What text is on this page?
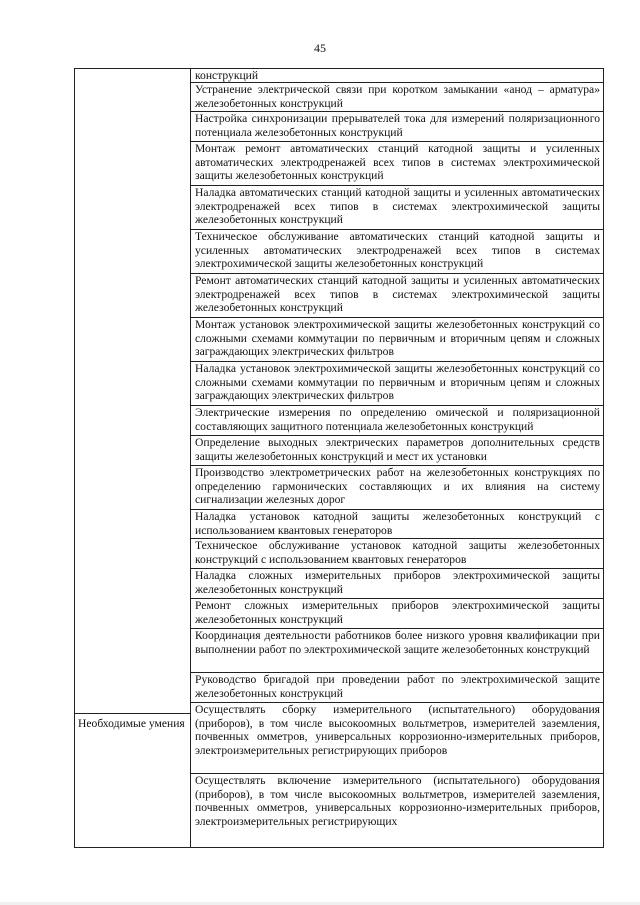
45
Необходимые умения
конструкций
Устранение электрической связи при коротком замыкании «анод – арматура» железобетонных конструкций
Настройка синхронизации прерывателей тока для измерений поляризационного потенциала железобетонных конструкций
Монтаж ремонт автоматических станций катодной защиты и усиленных автоматических электродренажей всех типов в системах электрохимической защиты железобетонных конструкций
Наладка автоматических станций катодной защиты и усиленных автоматических электродренажей всех типов в системах электрохимической защиты железобетонных конструкций
Техническое обслуживание автоматических станций катодной защиты и усиленных автоматических электродренажей всех типов в системах электрохимической защиты железобетонных конструкций
Ремонт автоматических станций катодной защиты и усиленных автоматических электродренажей всех типов в системах электрохимической защиты железобетонных конструкций
Монтаж установок электрохимической защиты железобетонных конструкций со сложными схемами коммутации по первичным и вторичным цепям и сложных заграждающих электрических фильтров
Наладка установок электрохимической защиты железобетонных конструкций со сложными схемами коммутации по первичным и вторичным цепям и сложных заграждающих электрических фильтров
Электрические измерения по определению омической и поляризационной составляющих защитного потенциала железобетонных конструкций
Определение выходных электрических параметров дополнительных средств защиты железобетонных конструкций и мест их установки
Производство электрометрических работ на железобетонных конструкциях по определению гармонических составляющих и их влияния на систему сигнализации железных дорог
Наладка установок катодной защиты железобетонных конструкций с использованием квантовых генераторов
Техническое обслуживание установок катодной защиты железобетонных конструкций с использованием квантовых генераторов
Наладка сложных измерительных приборов электрохимической защиты железобетонных конструкций
Ремонт сложных измерительных приборов электрохимической защиты железобетонных конструкций
Координация деятельности работников более низкого уровня квалификации при выполнении работ по электрохимической защите железобетонных конструкций
Руководство бригадой при проведении работ по электрохимической защите железобетонных конструкций
Осуществлять сборку измерительного (испытательного) оборудования (приборов), в том числе высокоомных вольтметров, измерителей заземления, почвенных омметров, универсальных коррозионно-измерительных приборов, электроизмерительных регистрирующих приборов
Осуществлять включение измерительного (испытательного) оборудования (приборов), в том числе высокоомных вольтметров, измерителей заземления, почвенных омметров, универсальных коррозионно-измерительных приборов, электроизмерительных регистрирующих
